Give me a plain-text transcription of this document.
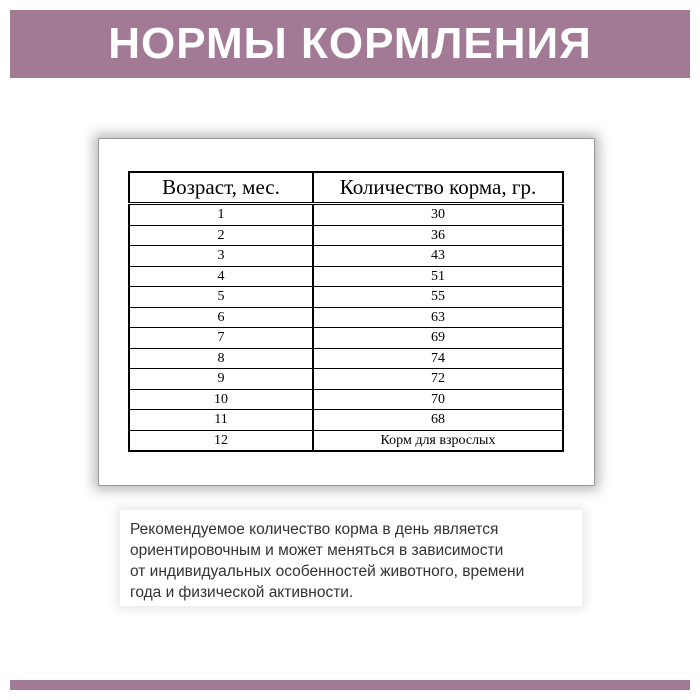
НОРМЫ КОРМЛЕНИЯ
Возраст, мес.	Количество корма, гр.
1	30
2	36
3	43
4	51
5	55
6	63
7	69
8	74
9	72
10	70
11	68
12	Корм для взрослых

Рекомендуемое количество корма в день является
ориентировочным и может меняться в зависимости
от индивидуальных особенностей животного, времени
года и физической активности.
